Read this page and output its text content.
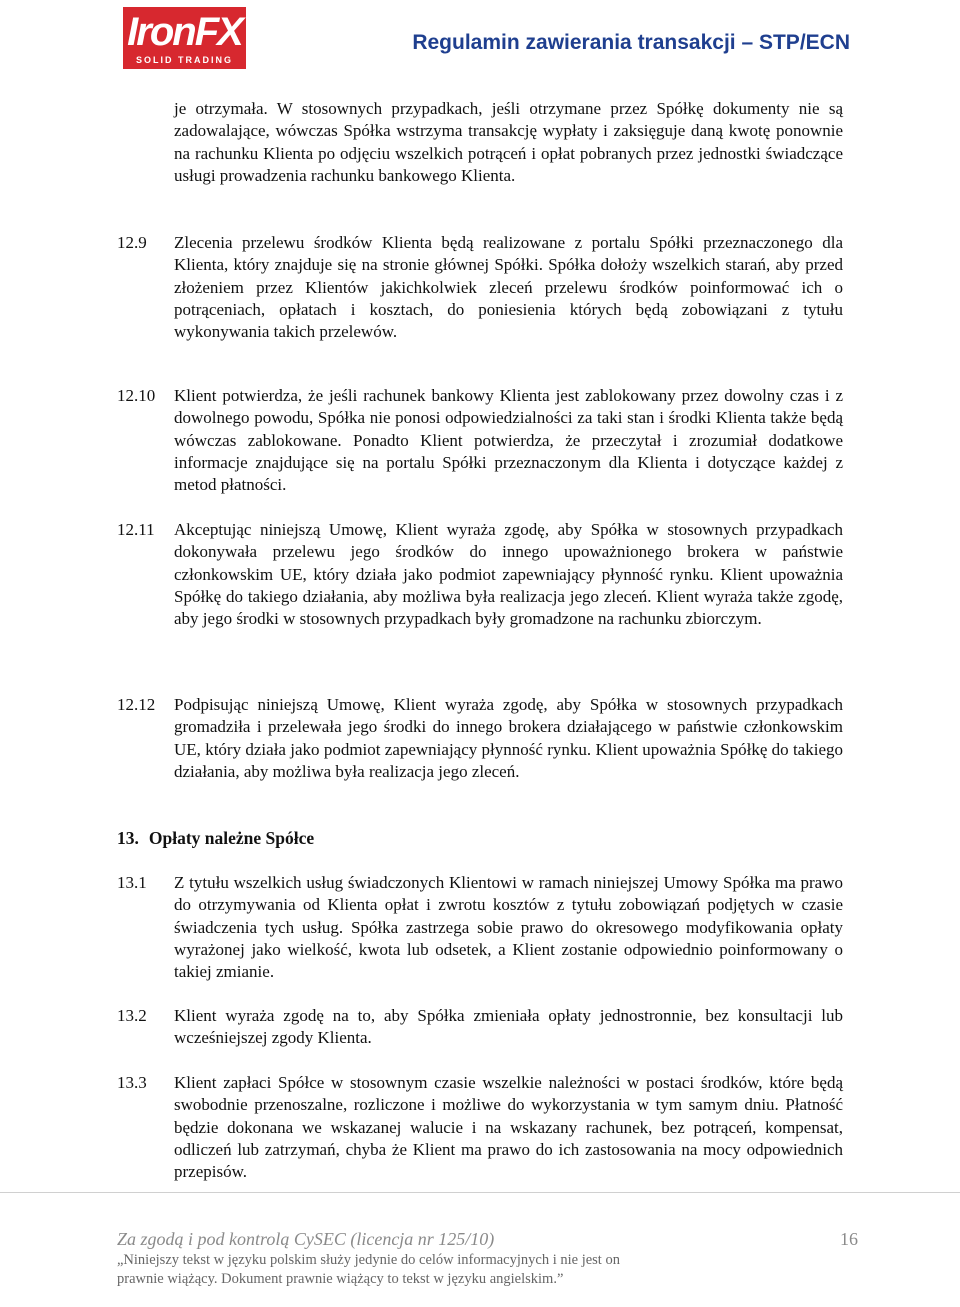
IronFX
SOLID TRADING
Regulamin zawierania transakcji – STP/ECN
je otrzymała. W stosownych przypadkach, jeśli otrzymane przez Spółkę dokumenty nie są zadowalające, wówczas Spółka wstrzyma transakcję wypłaty i zaksięguje daną kwotę ponownie na rachunku Klienta po odjęciu wszelkich potrąceń i opłat pobranych przez jednostki świadczące usługi prowadzenia rachunku bankowego Klienta.
12.9 Zlecenia przelewu środków Klienta będą realizowane z portalu Spółki przeznaczonego dla Klienta, który znajduje się na stronie głównej Spółki. Spółka dołoży wszelkich starań, aby przed złożeniem przez Klientów jakichkolwiek zleceń przelewu środków poinformować ich o potrąceniach, opłatach i kosztach, do poniesienia których będą zobowiązani z tytułu wykonywania takich przelewów.
12.10 Klient potwierdza, że jeśli rachunek bankowy Klienta jest zablokowany przez dowolny czas i z dowolnego powodu, Spółka nie ponosi odpowiedzialności za taki stan i środki Klienta także będą wówczas zablokowane. Ponadto Klient potwierdza, że przeczytał i zrozumiał dodatkowe informacje znajdujące się na portalu Spółki przeznaczonym dla Klienta i dotyczące każdej z metod płatności.
12.11 Akceptując niniejszą Umowę, Klient wyraża zgodę, aby Spółka w stosownych przypadkach dokonywała przelewu jego środków do innego upoważnionego brokera w państwie członkowskim UE, który działa jako podmiot zapewniający płynność rynku. Klient upoważnia Spółkę do takiego działania, aby możliwa była realizacja jego zleceń. Klient wyraża także zgodę, aby jego środki w stosownych przypadkach były gromadzone na rachunku zbiorczym.
12.12 Podpisując niniejszą Umowę, Klient wyraża zgodę, aby Spółka w stosownych przypadkach gromadziła i przelewała jego środki do innego brokera działającego w państwie członkowskim UE, który działa jako podmiot zapewniający płynność rynku. Klient upoważnia Spółkę do takiego działania, aby możliwa była realizacja jego zleceń.
13. Opłaty należne Spółce
13.1 Z tytułu wszelkich usług świadczonych Klientowi w ramach niniejszej Umowy Spółka ma prawo do otrzymywania od Klienta opłat i zwrotu kosztów z tytułu zobowiązań podjętych w czasie świadczenia tych usług. Spółka zastrzega sobie prawo do okresowego modyfikowania opłaty wyrażonej jako wielkość, kwota lub odsetek, a Klient zostanie odpowiednio poinformowany o takiej zmianie.
13.2 Klient wyraża zgodę na to, aby Spółka zmieniała opłaty jednostronnie, bez konsultacji lub wcześniejszej zgody Klienta.
13.3 Klient zapłaci Spółce w stosownym czasie wszelkie należności w postaci środków, które będą swobodnie przenoszalne, rozliczone i możliwe do wykorzystania w tym samym dniu. Płatność będzie dokonana we wskazanej walucie i na wskazany rachunek, bez potrąceń, kompensat, odliczeń lub zatrzymań, chyba że Klient ma prawo do ich zastosowania na mocy odpowiednich przepisów.
Za zgodą i pod kontrolą CySEC (licencja nr 125/10)	16
„Niniejszy tekst w języku polskim służy jedynie do celów informacyjnych i nie jest on prawnie wiążący. Dokument prawnie wiążący to tekst w języku angielskim.”
